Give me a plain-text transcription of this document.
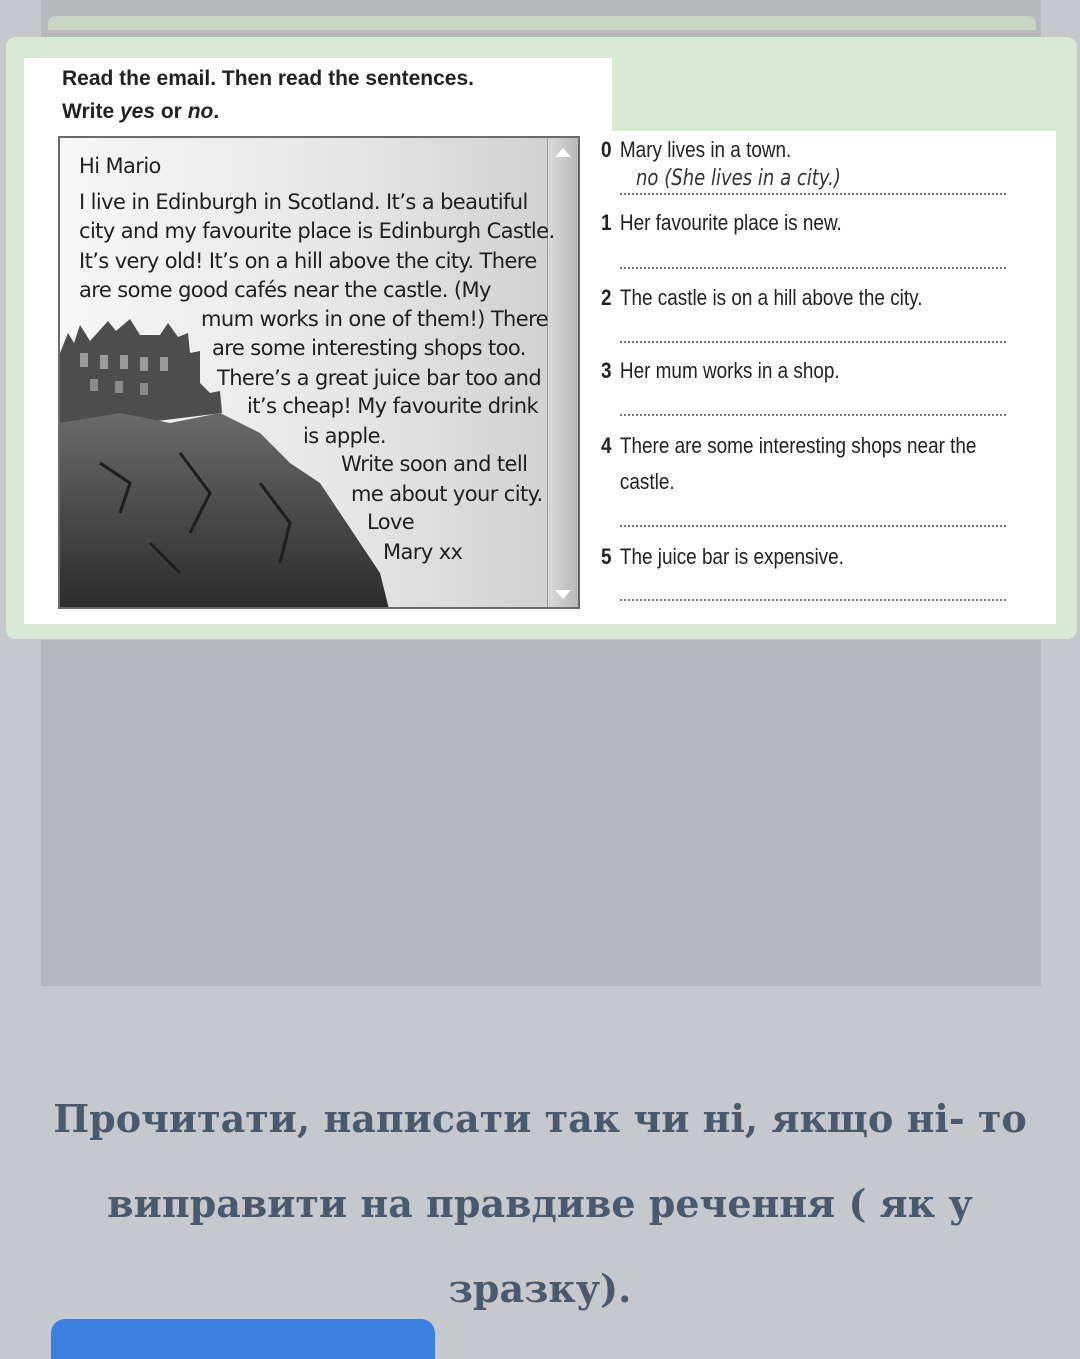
Read the email. Then read the sentences.
Write yes or no.
Hi Mario
I live in Edinburgh in Scotland. It’s a beautiful
city and my favourite place is Edinburgh Castle.
It’s very old! It’s on a hill above the city. There
are some good cafés near the castle. (My
mum works in one of them!) There
are some interesting shops too.
There’s a great juice bar too and
it’s cheap! My favourite drink
is apple.
Write soon and tell
me about your city.
Love
Mary xx
0 Mary lives in a town.
no (She lives in a city.)
1 Her favourite place is new.
2 The castle is on a hill above the city.
3 Her mum works in a shop.
4 There are some interesting shops near the
castle.
5 The juice bar is expensive.
Прочитати, написати так чи ні, якщо ні- то виправити на правдиве речення ( як у зразку).
